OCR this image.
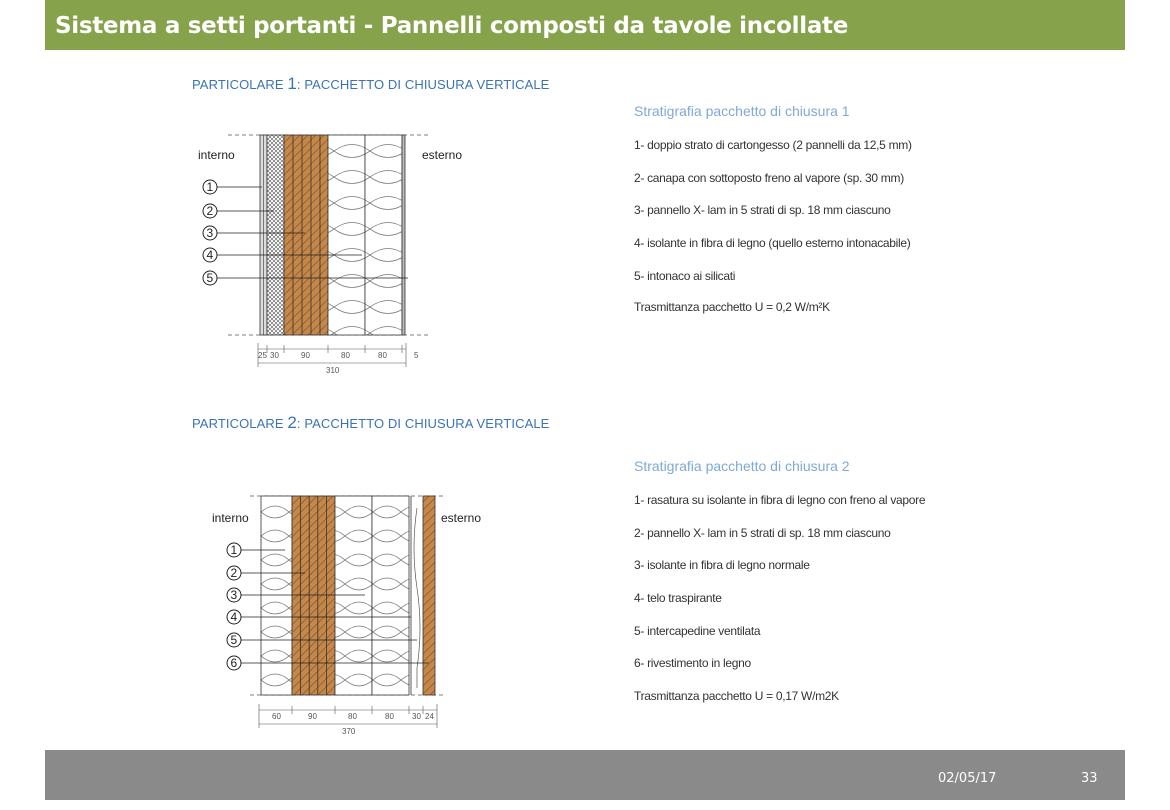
Sistema a setti portanti - Pannelli composti da tavole incollate
PARTICOLARE 1: PACCHETTO DI CHIUSURA VERTICALE
interno	esterno
1
2
3
4
5
25 30	90	80	80	5
310
Stratigrafia pacchetto di chiusura 1
1- doppio strato di cartongesso (2 pannelli da 12,5 mm)
2- canapa con sottoposto freno al vapore (sp. 30 mm)
3- pannello X- lam in 5 strati di sp. 18 mm ciascuno
4- isolante in fibra di legno (quello esterno intonacabile)
5- intonaco ai silicati
Trasmittanza pacchetto U = 0,2 W/m²K
PARTICOLARE 2: PACCHETTO DI CHIUSURA VERTICALE
interno	esterno
1
2
3
4
5
6
60	90	80	80 30 24
370
Stratigrafia pacchetto di chiusura 2
1- rasatura su isolante in fibra di legno con freno al vapore
2- pannello X- lam in 5 strati di sp. 18 mm ciascuno
3- isolante in fibra di legno normale
4- telo traspirante
5- intercapedine ventilata
6- rivestimento in legno
Trasmittanza pacchetto U = 0,17 W/m2K
02/05/17	33
